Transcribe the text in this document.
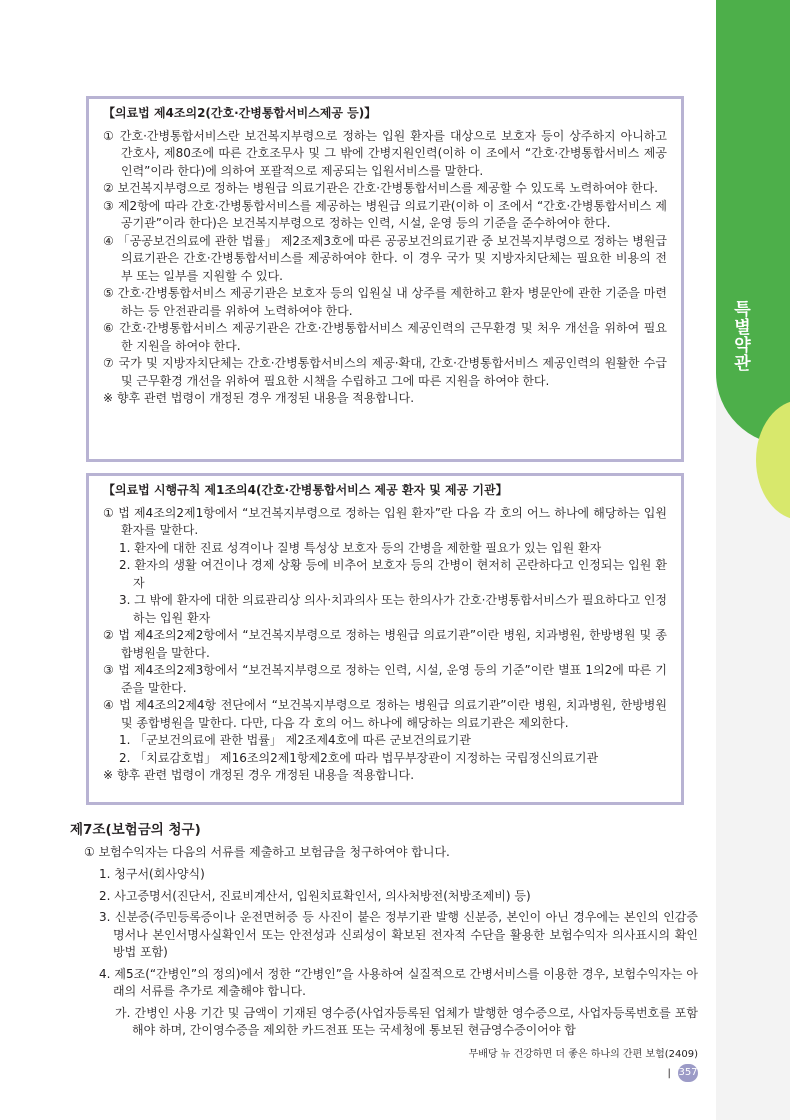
특별약관
【의료법 제4조의2(간호·간병통합서비스제공 등)】
① 간호·간병통합서비스란 보건복지부령으로 정하는 입원 환자를 대상으로 보호자 등이 상주하지 아니하고 간호사, 제80조에 따른 간호조무사 및 그 밖에 간병지원인력(이하 이 조에서 “간호·간병통합서비스 제공인력”이라 한다)에 의하여 포괄적으로 제공되는 입원서비스를 말한다.
② 보건복지부령으로 정하는 병원급 의료기관은 간호·간병통합서비스를 제공할 수 있도록 노력하여야 한다.
③ 제2항에 따라 간호·간병통합서비스를 제공하는 병원급 의료기관(이하 이 조에서 “간호·간병통합서비스 제공기관”이라 한다)은 보건복지부령으로 정하는 인력, 시설, 운영 등의 기준을 준수하여야 한다.
④ 「공공보건의료에 관한 법률」 제2조제3호에 따른 공공보건의료기관 중 보건복지부령으로 정하는 병원급 의료기관은 간호·간병통합서비스를 제공하여야 한다. 이 경우 국가 및 지방자치단체는 필요한 비용의 전부 또는 일부를 지원할 수 있다.
⑤ 간호·간병통합서비스 제공기관은 보호자 등의 입원실 내 상주를 제한하고 환자 병문안에 관한 기준을 마련하는 등 안전관리를 위하여 노력하여야 한다.
⑥ 간호·간병통합서비스 제공기관은 간호·간병통합서비스 제공인력의 근무환경 및 처우 개선을 위하여 필요한 지원을 하여야 한다.
⑦ 국가 및 지방자치단체는 간호·간병통합서비스의 제공·확대, 간호·간병통합서비스 제공인력의 원활한 수급 및 근무환경 개선을 위하여 필요한 시책을 수립하고 그에 따른 지원을 하여야 한다.
※ 향후 관련 법령이 개정된 경우 개정된 내용을 적용합니다.
【의료법 시행규칙 제1조의4(간호·간병통합서비스 제공 환자 및 제공 기관】
① 법 제4조의2제1항에서 “보건복지부령으로 정하는 입원 환자”란 다음 각 호의 어느 하나에 해당하는 입원 환자를 말한다.
1. 환자에 대한 진료 성격이나 질병 특성상 보호자 등의 간병을 제한할 필요가 있는 입원 환자
2. 환자의 생활 여건이나 경제 상황 등에 비추어 보호자 등의 간병이 현저히 곤란하다고 인정되는 입원 환자
3. 그 밖에 환자에 대한 의료관리상 의사·치과의사 또는 한의사가 간호·간병통합서비스가 필요하다고 인정하는 입원 환자
② 법 제4조의2제2항에서 “보건복지부령으로 정하는 병원급 의료기관”이란 병원, 치과병원, 한방병원 및 종합병원을 말한다.
③ 법 제4조의2제3항에서 “보건복지부령으로 정하는 인력, 시설, 운영 등의 기준”이란 별표 1의2에 따른 기준을 말한다.
④ 법 제4조의2제4항 전단에서 “보건복지부령으로 정하는 병원급 의료기관”이란 병원, 치과병원, 한방병원 및 종합병원을 말한다. 다만, 다음 각 호의 어느 하나에 해당하는 의료기관은 제외한다.
1. 「군보건의료에 관한 법률」 제2조제4호에 따른 군보건의료기관
2. 「치료감호법」 제16조의2제1항제2호에 따라 법무부장관이 지정하는 국립정신의료기관
※ 향후 관련 법령이 개정된 경우 개정된 내용을 적용합니다.
제7조(보험금의 청구)
① 보험수익자는 다음의 서류를 제출하고 보험금을 청구하여야 합니다.
1. 청구서(회사양식)
2. 사고증명서(진단서, 진료비계산서, 입원치료확인서, 의사처방전(처방조제비) 등)
3. 신분증(주민등록증이나 운전면허증 등 사진이 붙은 정부기관 발행 신분증, 본인이 아닌 경우에는 본인의 인감증명서나 본인서명사실확인서 또는 안전성과 신뢰성이 확보된 전자적 수단을 활용한 보험수익자 의사표시의 확인 방법 포함)
4. 제5조(“간병인”의 정의)에서 정한 “간병인”을 사용하여 실질적으로 간병서비스를 이용한 경우, 보험수익자는 아래의 서류를 추가로 제출해야 합니다.
가. 간병인 사용 기간 및 금액이 기재된 영수증(사업자등록된 업체가 발행한 영수증으로, 사업자등록번호를 포함해야 하며, 간이영수증을 제외한 카드전표 또는 국세청에 통보된 현금영수증이어야 합
무배당 뉴 건강하면 더 좋은 하나의 간편 보험(2409) | 357
